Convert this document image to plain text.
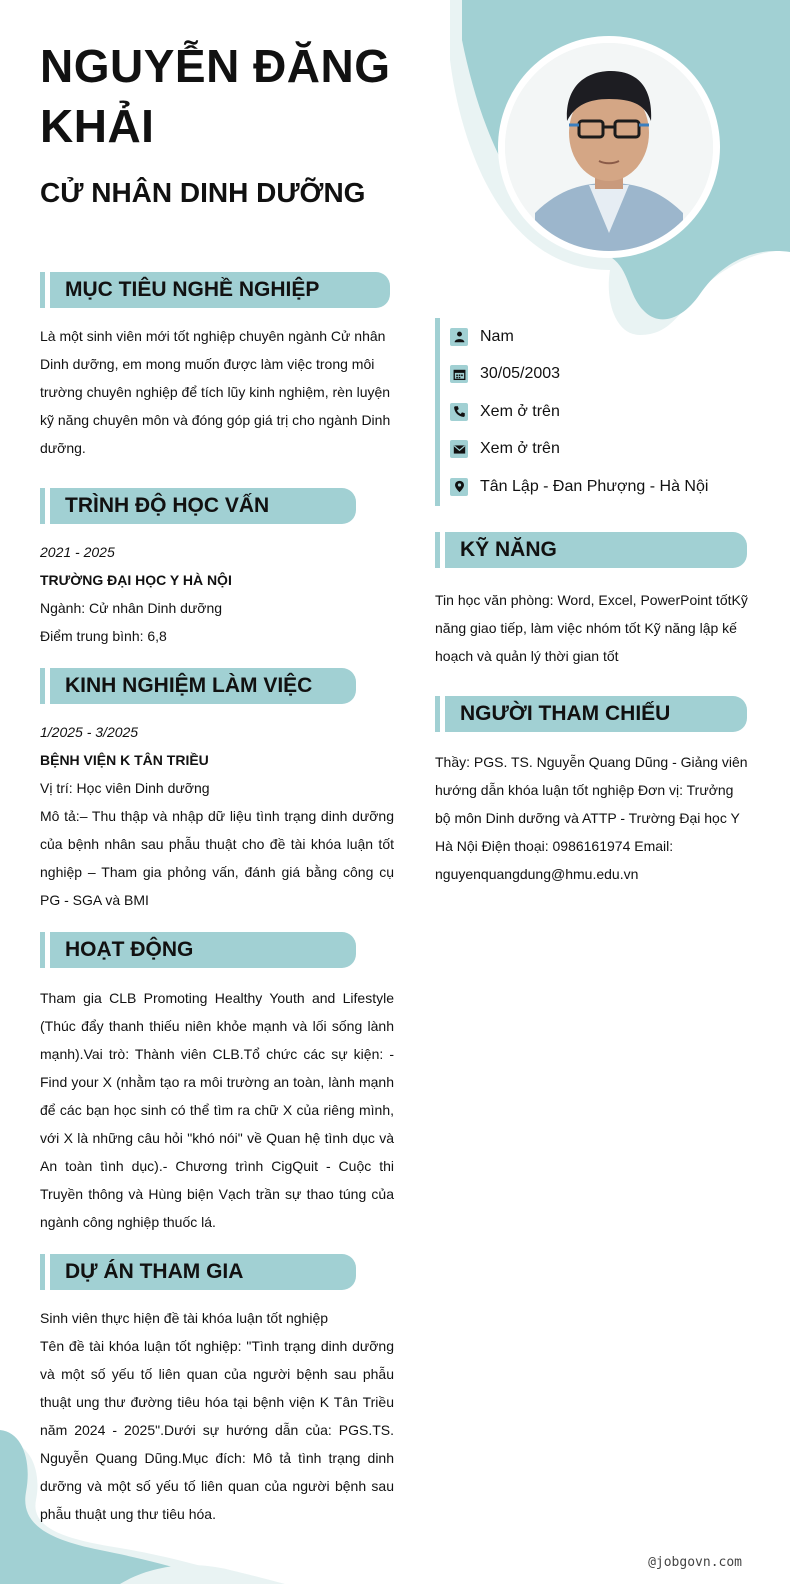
NGUYỄN ĐĂNG KHẢI
CỬ NHÂN DINH DƯỠNG
MỤC TIÊU NGHỀ NGHIỆP
Là một sinh viên mới tốt nghiệp chuyên ngành Cử nhân Dinh dưỡng, em mong muốn được làm việc trong môi trường chuyên nghiệp để tích lũy kinh nghiệm, rèn luyện kỹ năng chuyên môn và đóng góp giá trị cho ngành Dinh dưỡng.
TRÌNH ĐỘ HỌC VẤN
2021 - 2025
TRƯỜNG ĐẠI HỌC Y HÀ NỘI
Ngành: Cử nhân Dinh dưỡng
Điểm trung bình: 6,8
KINH NGHIỆM LÀM VIỆC
1/2025 - 3/2025
BỆNH VIỆN K TÂN TRIỀU
Vị trí: Học viên Dinh dưỡng
Mô tả:– Thu thập và nhập dữ liệu tình trạng dinh dưỡng của bệnh nhân sau phẫu thuật cho đề tài khóa luận tốt nghiệp – Tham gia phỏng vấn, đánh giá bằng công cụ PG - SGA và BMI
HOẠT ĐỘNG
Tham gia CLB Promoting Healthy Youth and Lifestyle (Thúc đẩy thanh thiếu niên khỏe mạnh và lối sống lành mạnh).Vai trò: Thành viên CLB.Tổ chức các sự kiện: - Find your X (nhằm tạo ra môi trường an toàn, lành mạnh để các bạn học sinh có thể tìm ra chữ X của riêng mình, với X là những câu hỏi "khó nói" về Quan hệ tình dục và An toàn tình dục).- Chương trình CigQuit - Cuộc thi Truyền thông và Hùng biện Vạch trần sự thao túng của ngành công nghiệp thuốc lá.
DỰ ÁN THAM GIA
Sinh viên thực hiện đề tài khóa luận tốt nghiệp
Tên đề tài khóa luận tốt nghiệp: "Tình trạng dinh dưỡng và một số yếu tố liên quan của người bệnh sau phẫu thuật ung thư đường tiêu hóa tại bệnh viện K Tân Triều năm 2024 - 2025".Dưới sự hướng dẫn của: PGS.TS. Nguyễn Quang Dũng.Mục đích: Mô tả tình trạng dinh dưỡng và một số yếu tố liên quan của người bệnh sau phẫu thuật ung thư tiêu hóa.
Nam
30/05/2003
Xem ở trên
Xem ở trên
Tân Lập - Đan Phượng - Hà Nội
KỸ NĂNG
Tin học văn phòng: Word, Excel, PowerPoint tốtKỹ năng giao tiếp, làm việc nhóm tốt Kỹ năng lập kế hoạch và quản lý thời gian tốt
NGƯỜI THAM CHIẾU
Thầy: PGS. TS. Nguyễn Quang Dũng - Giảng viên hướng dẫn khóa luận tốt nghiệp Đơn vị: Trưởng bộ môn Dinh dưỡng và ATTP - Trường Đại học Y Hà Nội Điện thoại: 0986161974 Email: nguyenquangdung@hmu.edu.vn
@jobgovn.com
